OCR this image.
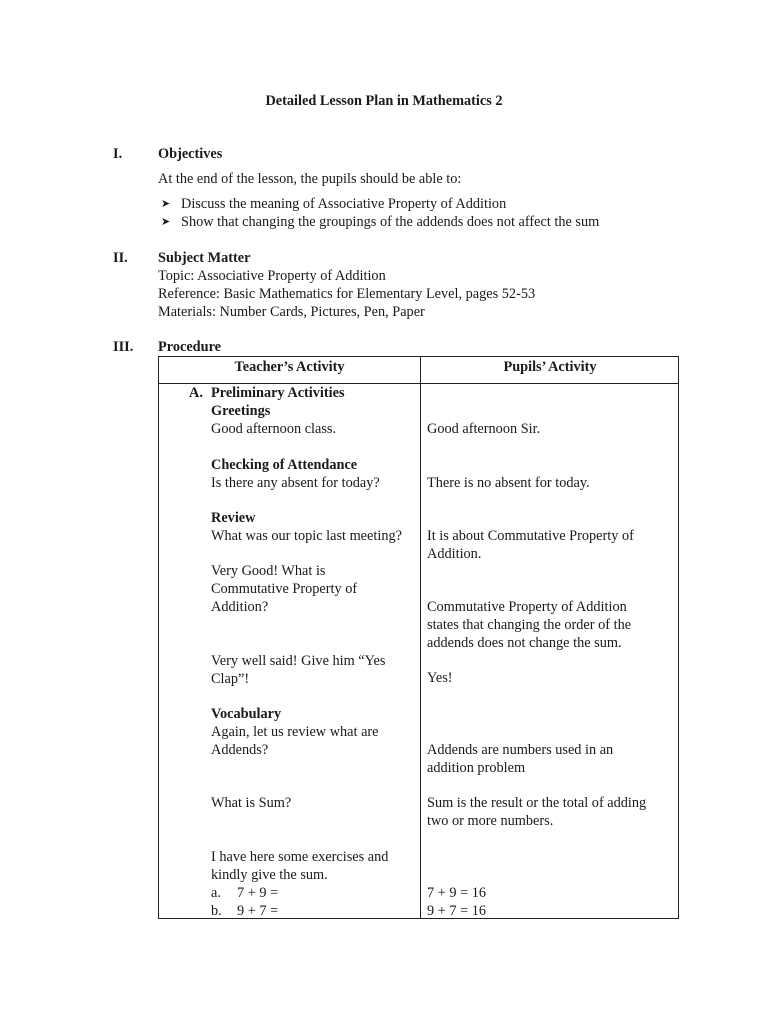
Detailed Lesson Plan in Mathematics 2
I.	Objectives
At the end of the lesson, the pupils should be able to:
➤ Discuss the meaning of Associative Property of Addition
➤ Show that changing the groupings of the addends does not affect the sum
II. Subject Matter
Topic: Associative Property of Addition
Reference: Basic Mathematics for Elementary Level, pages 52-53
Materials: Number Cards, Pictures, Pen, Paper
III. Procedure
Teacher’s Activity	Pupils’ Activity
A. Preliminary Activities
Greetings
Good afternoon class.
Checking of Attendance
Is there any absent for today?
Review
What was our topic last meeting?
Very Good! What is
Commutative Property of
Addition?
Very well said! Give him “Yes
Clap”!
Vocabulary
Again, let us review what are
Addends?
What is Sum?
I have here some exercises and
kindly give the sum.
a. 7 + 9 =
b. 9 + 7 =
Good afternoon Sir.
There is no absent for today.
It is about Commutative Property of
Addition.
Commutative Property of Addition
states that changing the order of the
addends does not change the sum.
Yes!
Addends are numbers used in an
addition problem
Sum is the result or the total of adding
two or more numbers.
7 + 9 = 16
9 + 7 = 16
